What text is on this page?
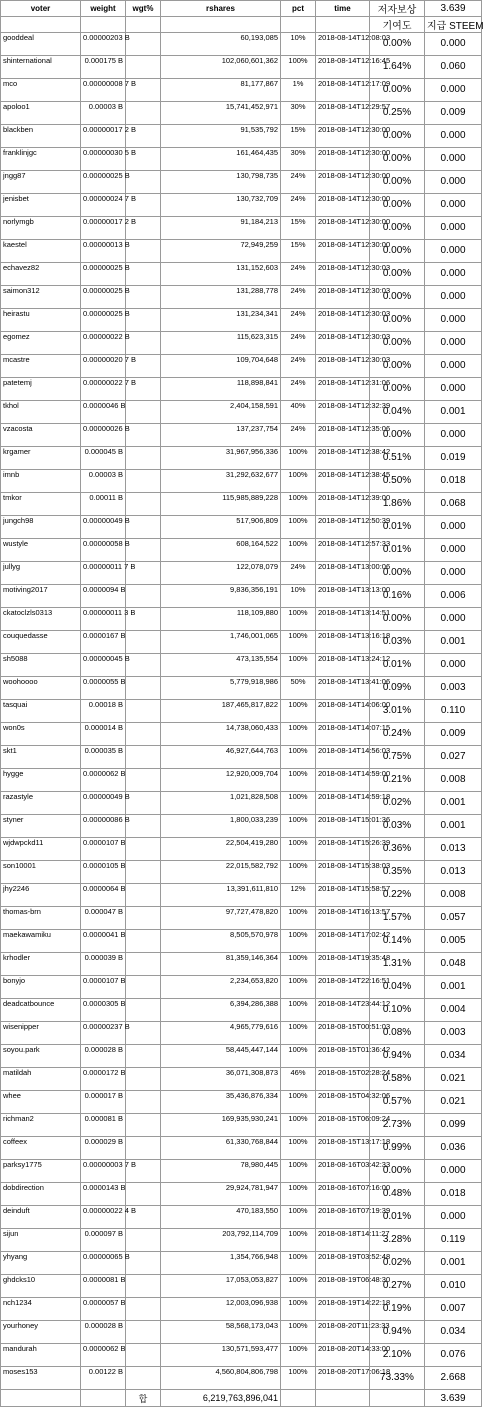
voter	weight	wgt%	rshares	pct	time	저자보상	3.639
						기여도	지급 STEEM
gooddeal	0.00000203 B		60,193,085	10%	2018-08-14T12:08:03	0.00%	0.000
shinternational	0.000175 B		102,060,601,362	100%	2018-08-14T12:16:45	1.64%	0.060
mco	0.00000008 7 B		81,177,867	1%	2018-08-14T12:17:09	0.00%	0.000
apoloo1	0.00003 B		15,741,452,971	30%	2018-08-14T12:29:57	0.25%	0.009
blackben	0.00000017 2 B		91,535,792	15%	2018-08-14T12:30:00	0.00%	0.000
franklinjgc	0.00000030 5 B		161,464,435	30%	2018-08-14T12:30:00	0.00%	0.000
jngg87	0.00000025 B		130,798,735	24%	2018-08-14T12:30:00	0.00%	0.000
jenisbet	0.00000024 7 B		130,732,709	24%	2018-08-14T12:30:00	0.00%	0.000
norlymgb	0.00000017 2 B		91,184,213	15%	2018-08-14T12:30:00	0.00%	0.000
kaestel	0.00000013 B		72,949,259	15%	2018-08-14T12:30:00	0.00%	0.000
echavez82	0.00000025 B		131,152,603	24%	2018-08-14T12:30:03	0.00%	0.000
saimon312	0.00000025 B		131,288,778	24%	2018-08-14T12:30:03	0.00%	0.000
heirastu	0.00000025 B		131,234,341	24%	2018-08-14T12:30:03	0.00%	0.000
egomez	0.00000022 B		115,623,315	24%	2018-08-14T12:30:03	0.00%	0.000
mcastre	0.00000020 7 B		109,704,648	24%	2018-08-14T12:30:03	0.00%	0.000
patetemj	0.00000022 7 B		118,898,841	24%	2018-08-14T12:31:06	0.00%	0.000
tkhol	0.0000046 B		2,404,158,591	40%	2018-08-14T12:32:39	0.04%	0.001
vzacosta	0.00000026 B		137,237,754	24%	2018-08-14T12:35:06	0.00%	0.000
krgamer	0.000045 B		31,967,956,336	100%	2018-08-14T12:38:42	0.51%	0.019
imnb	0.00003 B		31,292,632,677	100%	2018-08-14T12:38:45	0.50%	0.018
tmkor	0.00011 B		115,985,889,228	100%	2018-08-14T12:39:00	1.86%	0.068
jungch98	0.00000049 B		517,906,809	100%	2018-08-14T12:50:39	0.01%	0.000
wustyle	0.00000058 B		608,164,522	100%	2018-08-14T12:57:33	0.01%	0.000
jullyg	0.00000011 7 B		122,078,079	24%	2018-08-14T13:00:06	0.00%	0.000
motiving2017	0.0000094 B		9,836,356,191	10%	2018-08-14T13:13:00	0.16%	0.006
ckatoclzls0313	0.00000011 3 B		118,109,880	100%	2018-08-14T13:14:51	0.00%	0.000
couquedasse	0.0000167 B		1,746,001,065	100%	2018-08-14T13:16:18	0.03%	0.001
sh5088	0.00000045 B		473,135,554	100%	2018-08-14T13:24:12	0.01%	0.000
woohoooo	0.0000055 B		5,779,918,986	50%	2018-08-14T13:41:06	0.09%	0.003
tasquai	0.00018 B		187,465,817,822	100%	2018-08-14T14:06:00	3.01%	0.110
won0s	0.000014 B		14,738,060,433	100%	2018-08-14T14:07:15	0.24%	0.009
skt1	0.000035 B		46,927,644,763	100%	2018-08-14T14:56:03	0.75%	0.027
hygge	0.0000062 B		12,920,009,704	100%	2018-08-14T14:59:00	0.21%	0.008
razastyle	0.00000049 B		1,021,828,508	100%	2018-08-14T14:59:18	0.02%	0.001
styner	0.00000086 B		1,800,033,239	100%	2018-08-14T15:01:36	0.03%	0.001
wjdwpckd11	0.0000107 B		22,504,419,280	100%	2018-08-14T15:26:39	0.36%	0.013
son10001	0.0000105 B		22,015,582,792	100%	2018-08-14T15:38:03	0.35%	0.013
jhy2246	0.0000064 B		13,391,611,810	12%	2018-08-14T15:58:57	0.22%	0.008
thomas-brn	0.000047 B		97,727,478,820	100%	2018-08-14T16:13:57	1.57%	0.057
maekawamiku	0.0000041 B		8,505,570,978	100%	2018-08-14T17:02:42	0.14%	0.005
krhodler	0.000039 B		81,359,146,364	100%	2018-08-14T19:35:48	1.31%	0.048
bonyjo	0.0000107 B		2,234,653,820	100%	2018-08-14T22:16:51	0.04%	0.001
deadcatbounce	0.0000305 B		6,394,286,388	100%	2018-08-14T23:44:12	0.10%	0.004
wisenipper	0.00000237 B		4,965,779,616	100%	2018-08-15T00:51:03	0.08%	0.003
soyou.park	0.000028 B		58,445,447,144	100%	2018-08-15T01:36:42	0.94%	0.034
matildah	0.0000172 B		36,071,308,873	46%	2018-08-15T02:28:24	0.58%	0.021
whee	0.000017 B		35,436,876,334	100%	2018-08-15T04:32:06	0.57%	0.021
richman2	0.000081 B		169,935,930,241	100%	2018-08-15T06:09:24	2.73%	0.099
coffeex	0.000029 B		61,330,768,844	100%	2018-08-15T13:17:18	0.99%	0.036
parksy1775	0.00000003 7 B		78,980,445	100%	2018-08-16T03:42:33	0.00%	0.000
dobdirection	0.0000143 B		29,924,781,947	100%	2018-08-16T07:16:00	0.48%	0.018
deinduft	0.00000022 4 B		470,183,550	100%	2018-08-16T07:19:39	0.01%	0.000
sijun	0.000097 B		203,792,114,709	100%	2018-08-18T14:11:27	3.28%	0.119
yhyang	0.00000065 B		1,354,766,948	100%	2018-08-19T03:52:48	0.02%	0.001
ghdcks10	0.0000081 B		17,053,053,827	100%	2018-08-19T06:48:30	0.27%	0.010
nch1234	0.0000057 B		12,003,096,938	100%	2018-08-19T14:22:18	0.19%	0.007
yourhoney	0.000028 B		58,568,173,043	100%	2018-08-20T11:23:33	0.94%	0.034
mandurah	0.0000062 B		130,571,593,477	100%	2018-08-20T14:33:00	2.10%	0.076
moses153	0.00122 B		4,560,804,806,798	100%	2018-08-20T17:06:18	73.33%	2.668
		합	6,219,763,896,041				3.639
